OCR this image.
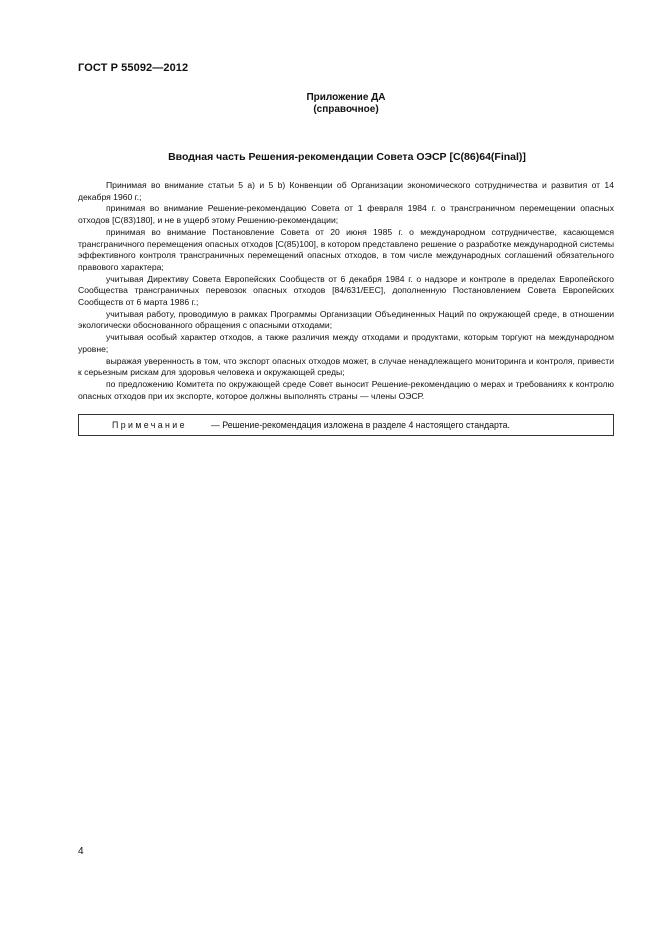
ГОСТ Р 55092—2012
Приложение ДА
(справочное)
Вводная часть Решения-рекомендации Совета ОЭСР [C(86)64(Final)]

Принимая во внимание статьи 5 а) и 5 b) Конвенции об Организации экономического сотрудничества и развития от 14 декабря 1960 г.;

принимая во внимание Решение-рекомендацию Совета от 1 февраля 1984 г. о трансграничном перемещении опасных отходов [C(83)180], и не в ущерб этому Решению-рекомендации;

принимая во внимание Постановление Совета от 20 июня 1985 г. о международном сотрудничестве, касающемся трансграничного перемещения опасных отходов [C(85)100], в котором представлено решение о разработке международной системы эффективного контроля трансграничных перемещений опасных отходов, в том числе международных соглашений обязательного правового характера;

учитывая Директиву Совета Европейских Сообществ от 6 декабря 1984 г. о надзоре и контроле в пределах Европейского Сообщества трансграничных перевозок опасных отходов [84/631/ЕЕС], дополненную Постановлением Совета Европейских Сообществ от 6 марта 1986 г.;

учитывая работу, проводимую в рамках Программы Организации Объединенных Наций по окружающей среде, в отношении экологически обоснованного обращения с опасными отходами;

учитывая особый характер отходов, а также различия между отходами и продуктами, которым торгуют на международном уровне;

выражая уверенность в том, что экспорт опасных отходов может, в случае ненадлежащего мониторинга и контроля, привести к серьезным рискам для здоровья человека и окружающей среды;

по предложению Комитета по окружающей среде Совет выносит Решение-рекомендацию о мерах и требованиях к контролю опасных отходов при их экспорте, которое должны выполнять страны — члены ОЭСР.

Примечание	— Решение-рекомендация изложена в разделе 4 настоящего стандарта.
4
